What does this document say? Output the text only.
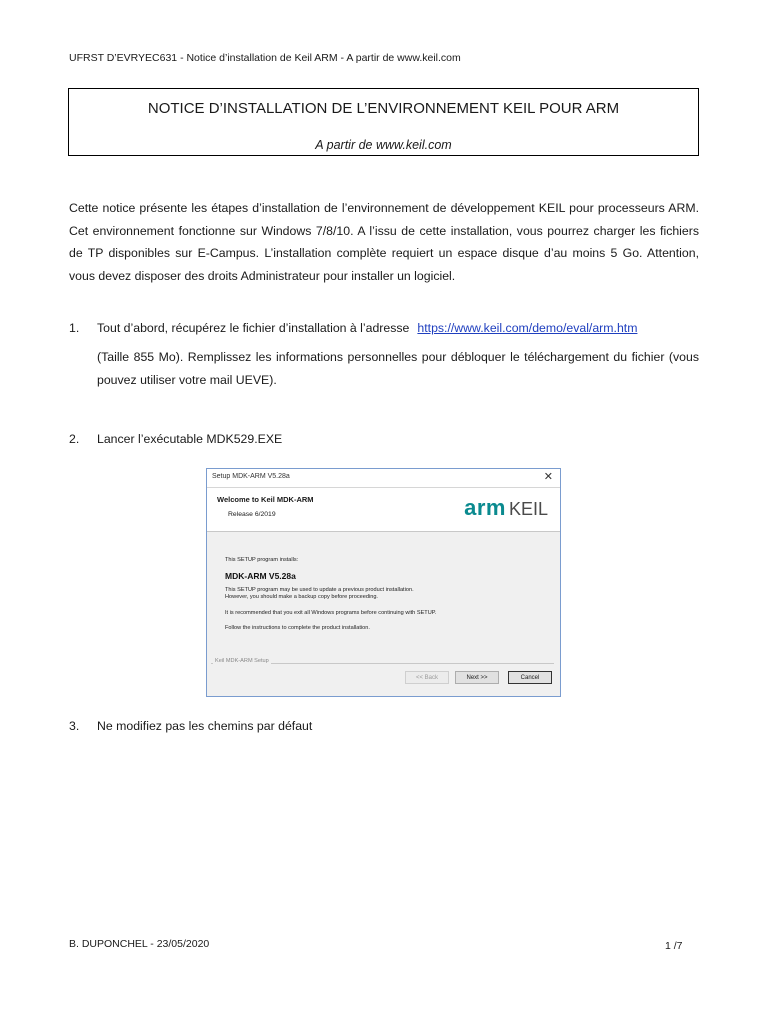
UFRST D’EVRYEC631 - Notice d’installation de Keil ARM - A partir de www.keil.com
NOTICE D’INSTALLATION DE L’ENVIRONNEMENT KEIL POUR ARM
A partir de www.keil.com
Cette notice présente les étapes d’installation de l’environnement de développement KEIL pour processeurs ARM. Cet environnement fonctionne sur Windows 7/8/10. A l’issu de cette installation, vous pourrez charger les fichiers de TP disponibles sur E-Campus. L’installation complète requiert un espace disque d’au moins 5 Go. Attention, vous devez disposer des droits Administrateur pour installer un logiciel.
1. Tout d’abord, récupérez le fichier d’installation à l’adresse https://www.keil.com/demo/eval/arm.htm
(Taille 855 Mo). Remplissez les informations personnelles pour débloquer le téléchargement du fichier (vous pouvez utiliser votre mail UEVE).
2. Lancer l’exécutable MDK529.EXE
Setup MDK-ARM V5.28a	✕
Welcome to Keil MDK-ARM
Release 6/2019	arm KEIL
This SETUP program installs:
MDK-ARM V5.28a
This SETUP program may be used to update a previous product installation.
However, you should make a backup copy before proceeding.
It is recommended that you exit all Windows programs before continuing with SETUP.
Follow the instructions to complete the product installation.
Keil MDK-ARM Setup
<< Back	Next >>	Cancel
3. Ne modifiez pas les chemins par défaut
B. DUPONCHEL - 23/05/2020	1 /7
